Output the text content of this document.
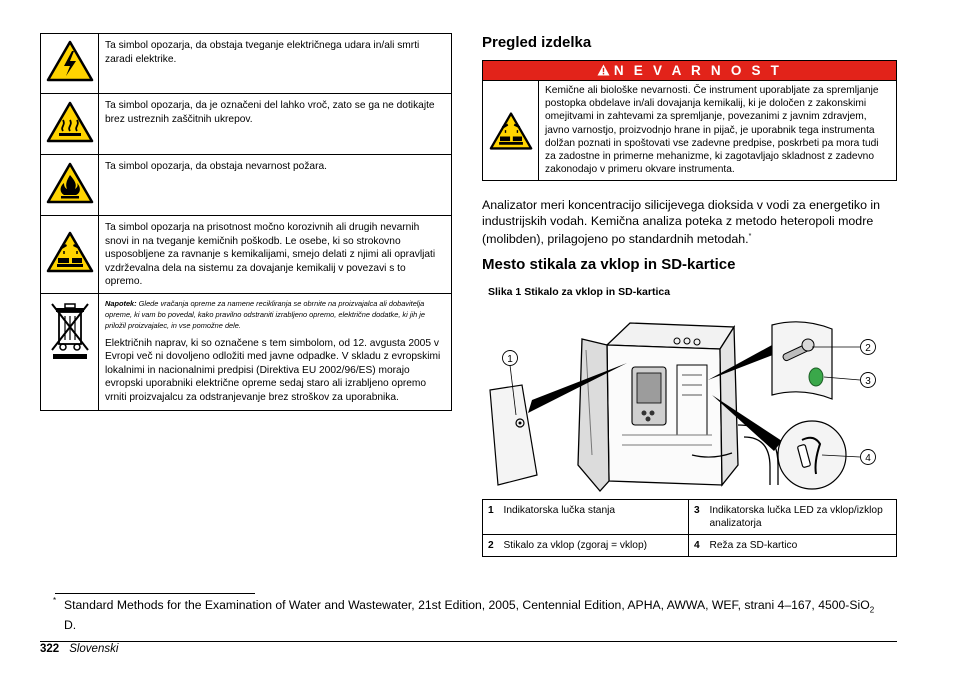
	Ta simbol opozarja, da obstaja tveganje električnega udara in/ali smrti zaradi elektrike.
	Ta simbol opozarja, da je označeni del lahko vroč, zato se ga ne dotikajte brez ustreznih zaščitnih ukrepov.
	Ta simbol opozarja, da obstaja nevarnost požara.
	Ta simbol opozarja na prisotnost močno korozivnih ali drugih nevarnih snovi in na tveganje kemičnih poškodb. Le osebe, ki so strokovno usposobljene za ravnanje s kemikalijami, smejo delati z njimi ali opravljati vzdrževalna dela na sistemu za dovajanje kemikalij v povezavi s to opremo.

Napotek: Glede vračanja opreme za namene recikliranja se obrnite na proizvajalca ali dobavitelja opreme, ki vam bo povedal, kako pravilno odstraniti izrabljeno opremo, električne dodatke, ki jih je priložil proizvajalec, in vse pomožne dele.

Električnih naprav, ki so označene s tem simbolom, od 12. avgusta 2005 v Evropi več ni dovoljeno odložiti med javne odpadke. V skladu z evropskimi lokalnimi in nacionalnimi predpisi (Direktiva EU 2002/96/ES) morajo evropski uporabniki električne opreme sedaj staro ali izrabljeno opremo vrniti proizvajalcu za odstranjevanje brez stroškov za uporabnika.

Pregled izdelka
N E V A R N O S T
Kemične ali biološke nevarnosti. Če instrument uporabljate za spremljanje postopka obdelave in/ali dovajanja kemikalij, ki je določen z zakonskimi omejitvami in zahtevami za spremljanje, povezanimi z javnim zdravjem, javno varnostjo, proizvodnjo hrane in pijač, je uporabnik tega instrumenta dolžan poznati in spoštovati vse zadevne predpise, poskrbeti pa mora tudi za zadostne in primerne mehanizme, ki zagotavljajo skladnost z zadevno zakonodajo v primeru okvare instrumenta.

Analizator meri koncentracijo silicijevega dioksida v vodi za energetiko in industrijskih vodah. Kemična analiza poteka z metodo heteropoli modre (molibden), prilagojeno po standardnih metodah.*

Mesto stikala za vklop in SD-kartice
Slika 1 Stikalo za vklop in SD-kartica
1
2
3
4
1	Indikatorska lučka stanja	3	Indikatorska lučka LED za vklop/izklop analizatorja
2	Stikalo za vklop (zgoraj = vklop)	4	Reža za SD-kartico
* Standard Methods for the Examination of Water and Wastewater, 21st Edition, 2005, Centennial Edition, APHA, AWWA, WEF, strani 4–167, 4500-SiO$_2$ D.

322 Slovenski
